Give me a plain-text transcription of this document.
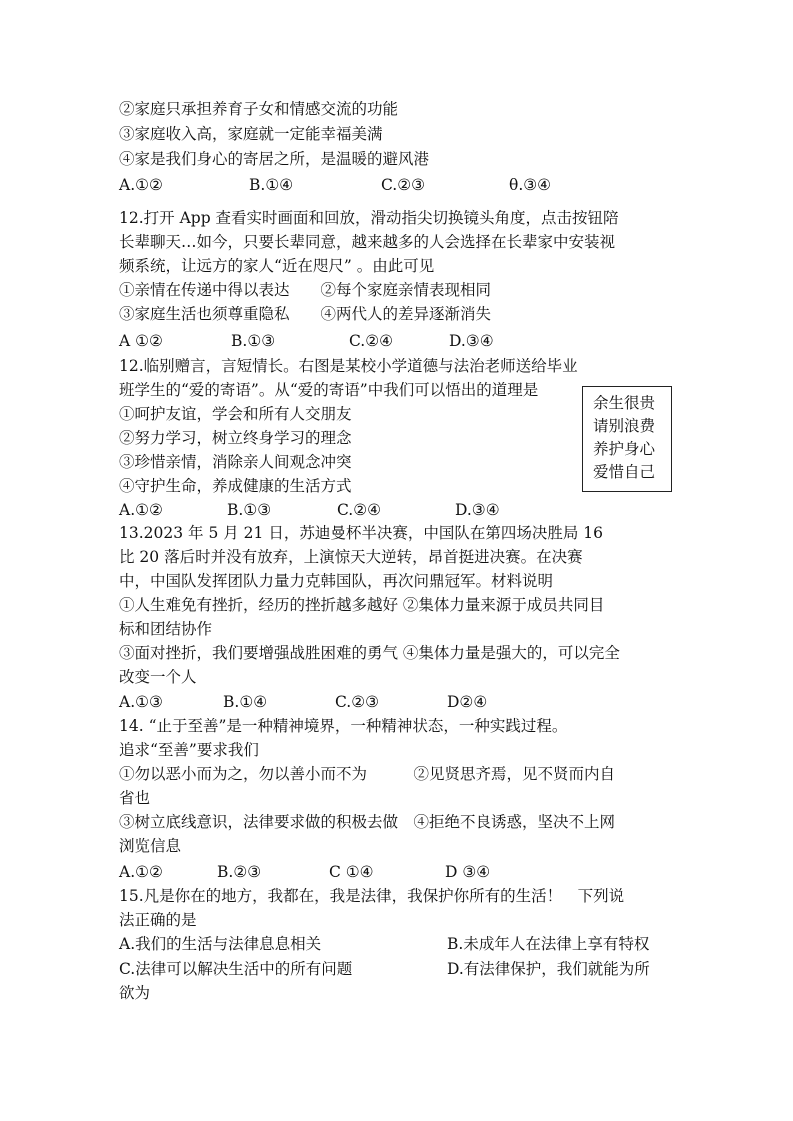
②家庭只承担养育子女和情感交流的功能
③家庭收入高，家庭就一定能幸福美满
④家是我们身心的寄居之所，是温暖的避风港
A.①②	B.①④	C.②③	θ.③④
12.打开 App 查看实时画面和回放，滑动指尖切换镜头角度，点击按钮陪
长辈聊天…如今，只要长辈同意，越来越多的人会选择在长辈家中安装视
频系统，让远方的家人“近在咫尺” 。由此可见
①亲情在传递中得以表达　　②每个家庭亲情表现相同
③家庭生活也须尊重隐私　　④两代人的差异逐渐消失
A ①②	B.①③	C.②④	D.③④
12.临别赠言，言短情长。右图是某校小学道德与法治老师送给毕业
班学生的“爱的寄语”。从“爱的寄语”中我们可以悟出的道理是
①呵护友谊，学会和所有人交朋友
②努力学习，树立终身学习的理念
③珍惜亲情，消除亲人间观念冲突
④守护生命，养成健康的生活方式
A.①②	B.①③	C.②④	D.③④
余生很贵
请别浪费
养护身心
爱惜自己
13.2023 年 5 月 21 日，苏迪曼杯半决赛，中国队在第四场决胜局 16
比 20 落后时并没有放弃，上演惊天大逆转，昂首挺进决赛。在决赛
中，中国队发挥团队力量力克韩国队，再次问鼎冠军。材料说明
①人生难免有挫折，经历的挫折越多越好 ②集体力量来源于成员共同目
标和团结协作
③面对挫折，我们要增强战胜困难的勇气 ④集体力量是强大的，可以完全
改变一个人
A.①③	B.①④	C.②③	D②④
14. “止于至善”是一种精神境界，一种精神状态，一种实践过程。
追求“至善”要求我们
①勿以恶小而为之，勿以善小而不为　　　②见贤思齐焉，见不贤而内自
省也
③树立底线意识，法律要求做的积极去做　④拒绝不良诱惑，坚决不上网
浏览信息
A.①②	B.②③	C ①④	D ③④
15.凡是你在的地方，我都在，我是法律，我保护你所有的生活！　下列说
法正确的是
A.我们的生活与法律息息相关	B.未成年人在法律上享有特权
C.法律可以解决生活中的所有问题	D.有法律保护，我们就能为所
欲为
